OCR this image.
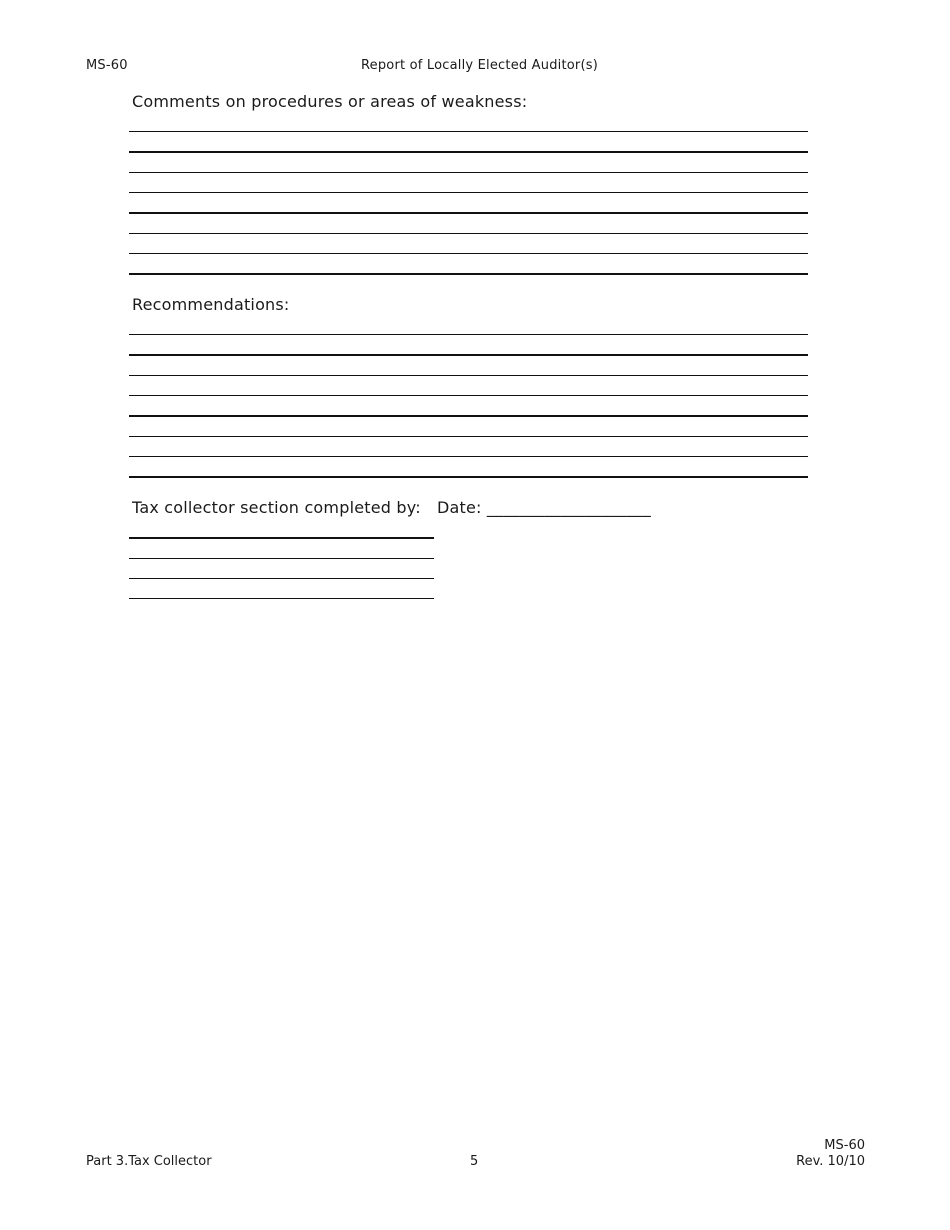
MS-60	Report of Locally Elected Auditor(s)
Comments on procedures or areas of weakness:
Recommendations:
Tax collector section completed by: Date: ____________________
Part 3.Tax Collector	5
MS-60
Rev. 10/10
